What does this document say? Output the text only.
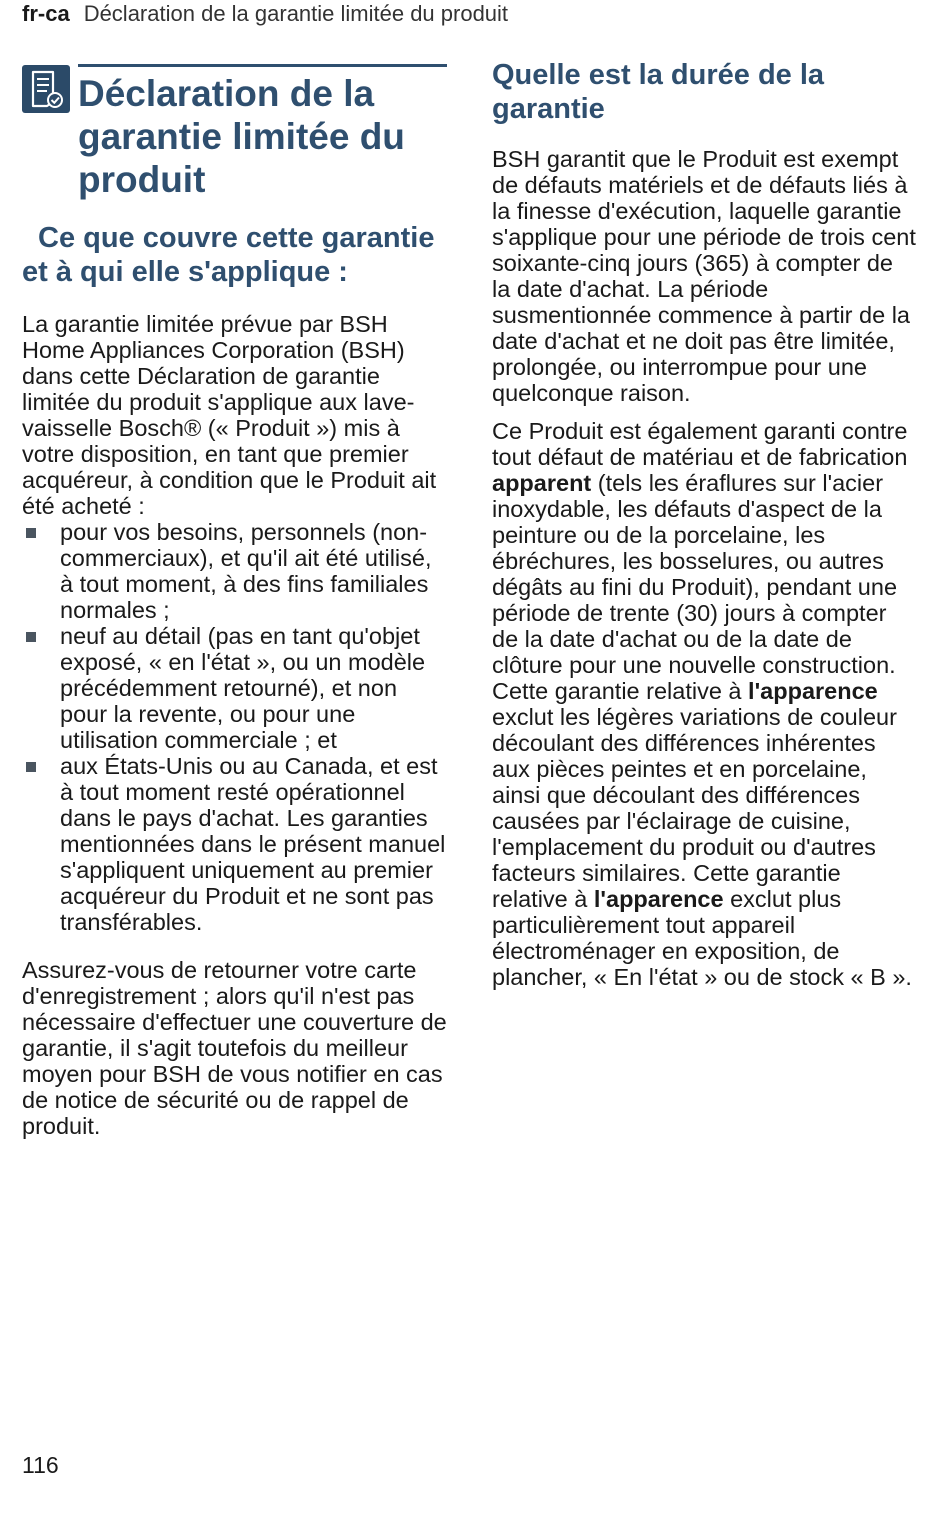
fr-ca Déclaration de la garantie limitée du produit
Déclaration de la garantie limitée du produit
Ce que couvre cette garantie et à qui elle s'applique :

La garantie limitée prévue par BSH Home Appliances Corporation (BSH) dans cette Déclaration de garantie limitée du produit s'applique aux lave-vaisselle Bosch® (« Produit ») mis à votre disposition, en tant que premier acquéreur, à condition que le Produit ait été acheté :

pour vos besoins, personnels (non-commerciaux), et qu'il ait été utilisé, à tout moment, à des fins familiales normales ;
neuf au détail (pas en tant qu'objet exposé, « en l'état », ou un modèle précédemment retourné), et non pour la revente, ou pour une utilisation commerciale ; et
aux États-Unis ou au Canada, et est à tout moment resté opérationnel dans le pays d'achat. Les garanties mentionnées dans le présent manuel s'appliquent uniquement au premier acquéreur du Produit et ne sont pas transférables.

Assurez-vous de retourner votre carte d'enregistrement ; alors qu'il n'est pas nécessaire d'effectuer une couverture de garantie, il s'agit toutefois du meilleur moyen pour BSH de vous notifier en cas de notice de sécurité ou de rappel de produit.

Quelle est la durée de la garantie

BSH garantit que le Produit est exempt de défauts matériels et de défauts liés à la finesse d'exécution, laquelle garantie s'applique pour une période de trois cent soixante-cinq jours (365) à compter de la date d'achat. La période susmentionnée commence à partir de la date d'achat et ne doit pas être limitée, prolongée, ou interrompue pour une quelconque raison.

Ce Produit est également garanti contre tout défaut de matériau et de fabrication apparent (tels les éraflures sur l'acier inoxydable, les défauts d'aspect de la peinture ou de la porcelaine, les ébréchures, les bosselures, ou autres dégâts au fini du Produit), pendant une période de trente (30) jours à compter de la date d'achat ou de la date de clôture pour une nouvelle construction. Cette garantie relative à l'apparence exclut les légères variations de couleur découlant des différences inhérentes aux pièces peintes et en porcelaine, ainsi que découlant des différences causées par l'éclairage de cuisine, l'emplacement du produit ou d'autres facteurs similaires. Cette garantie relative à l'apparence exclut plus particulièrement tout appareil électroménager en exposition, de plancher, « En l'état » ou de stock « B ».

116
